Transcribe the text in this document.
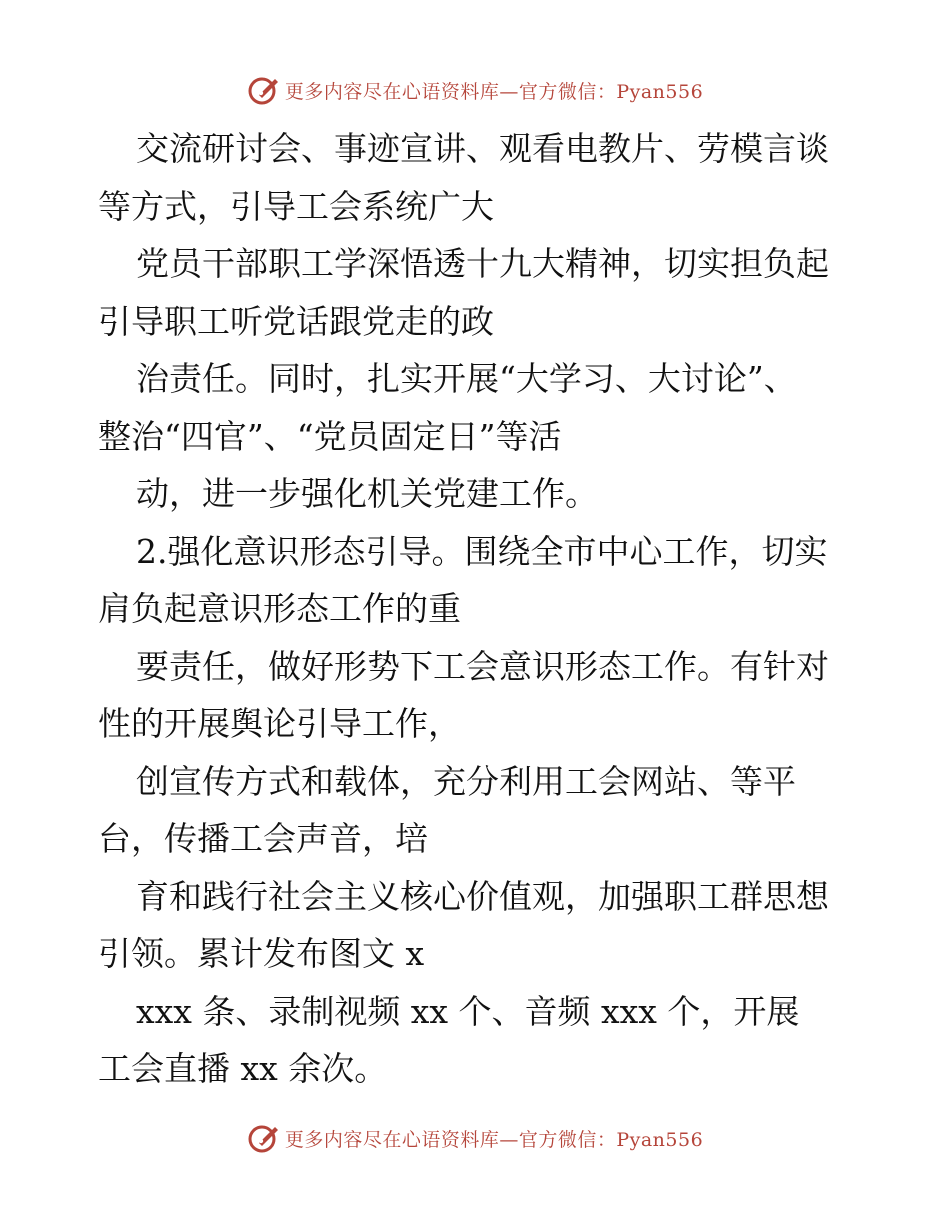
更多内容尽在心语资料库—官方微信：Pyan556
交流研讨会、事迹宣讲、观看电教片、劳模言谈
等方式，引导工会系统广大
党员干部职工学深悟透十九大精神，切实担负起
引导职工听党话跟党走的政
治责任。同时，扎实开展“大学习、大讨论”、
整治“四官”、“党员固定日”等活
动，进一步强化机关党建工作。
2.强化意识形态引导。围绕全市中心工作，切实
肩负起意识形态工作的重
要责任，做好形势下工会意识形态工作。有针对
性的开展舆论引导工作，
创宣传方式和载体，充分利用工会网站、等平
台，传播工会声音，培
育和践行社会主义核心价值观，加强职工群思想
引领。累计发布图文 x
xxx 条、录制视频 xx 个、音频 xxx 个，开展
工会直播 xx 余次。
更多内容尽在心语资料库—官方微信：Pyan556
